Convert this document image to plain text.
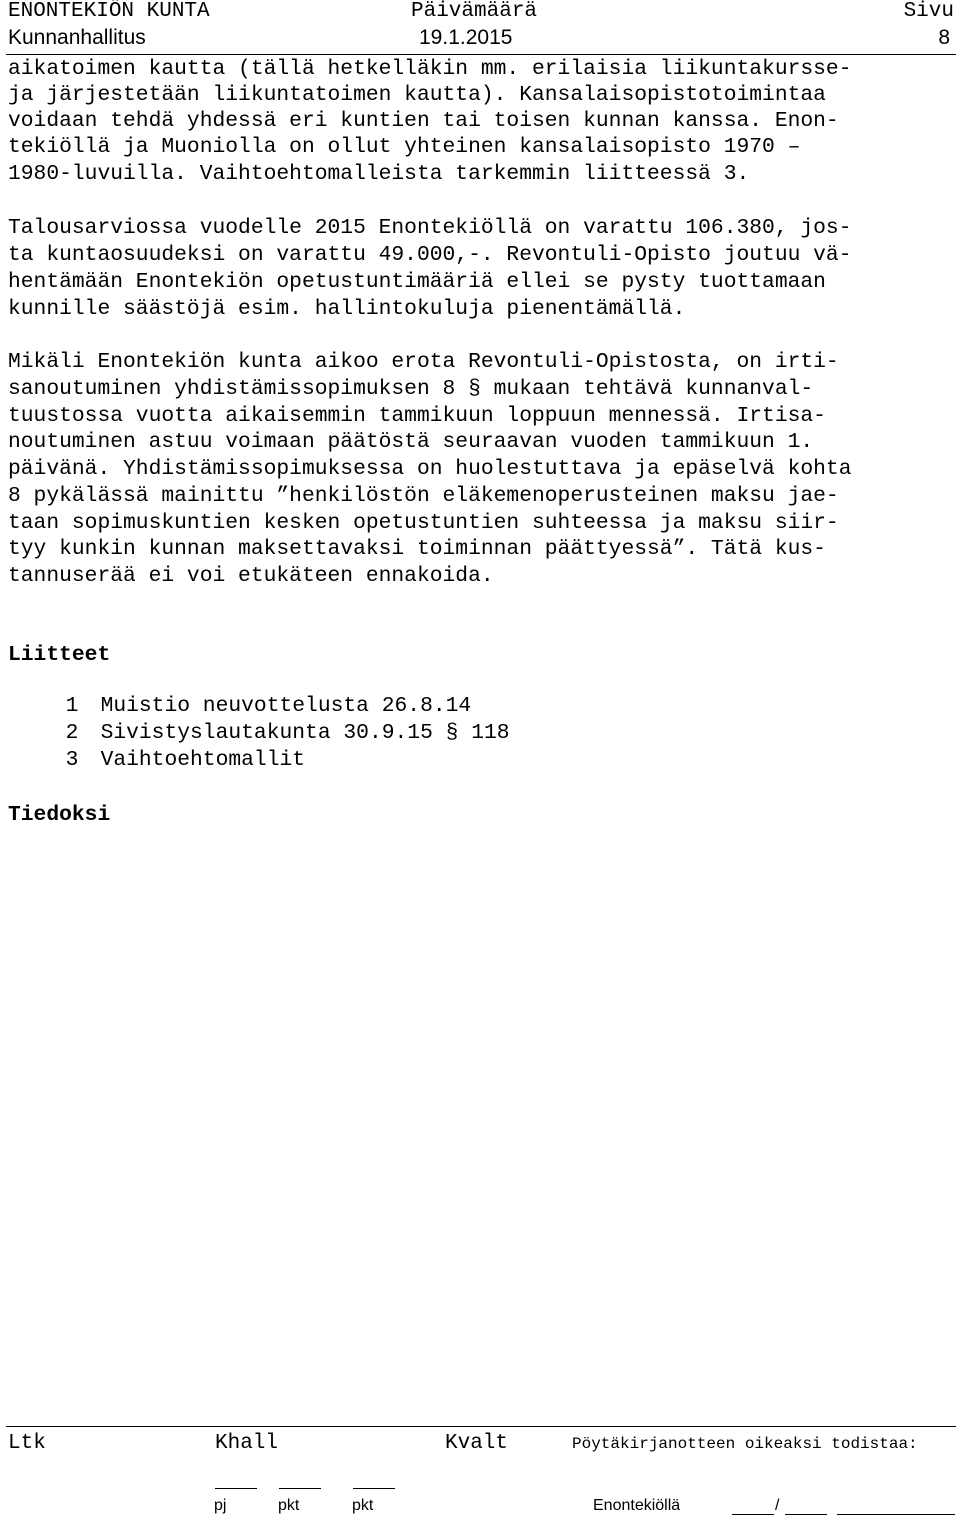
ENONTEKIÖN KUNTA	Päivämäärä	Sivu
Kunnanhallitus	19.1.2015	8
aikatoimen kautta (tällä hetkelläkin mm. erilaisia liikuntakursse-
ja järjestetään liikuntatoimen kautta). Kansalaisopistotoimintaa
voidaan tehdä yhdessä eri kuntien tai toisen kunnan kanssa. Enon-
tekiöllä ja Muoniolla on ollut yhteinen kansalaisopisto 1970 –
1980-luvuilla. Vaihtoehtomalleista tarkemmin liitteessä 3.
Talousarviossa vuodelle 2015 Enontekiöllä on varattu 106.380, jos-
ta kuntaosuudeksi on varattu 49.000,-. Revontuli-Opisto joutuu vä-
hentämään Enontekiön opetustuntimääriä ellei se pysty tuottamaan
kunnille säästöjä esim. hallintokuluja pienentämällä.
Mikäli Enontekiön kunta aikoo erota Revontuli-Opistosta, on irti-
sanoutuminen yhdistämissopimuksen 8 § mukaan tehtävä kunnanval-
tuustossa vuotta aikaisemmin tammikuun loppuun mennessä. Irtisa-
noutuminen astuu voimaan päätöstä seuraavan vuoden tammikuun 1.
päivänä. Yhdistämissopimuksessa on huolestuttava ja epäselvä kohta
8 pykälässä mainittu ”henkilöstön eläkemenoperusteinen maksu jae-
taan sopimuskuntien kesken opetustuntien suhteessa ja maksu siir-
tyy kunkin kunnan maksettavaksi toiminnan päättyessä”. Tätä kus-
tannuserää ei voi etukäteen ennakoida.
Liitteet

1 Muistio neuvottelusta 26.8.14

2 Sivistyslautakunta 30.9.15 § 118

3 Vaihtoehtomallit

Tiedoksi
Ltk	Khall	Kvalt	Pöytäkirjanotteen oikeaksi todistaa:
pj	pkt	pkt	Enontekiöllä	/
